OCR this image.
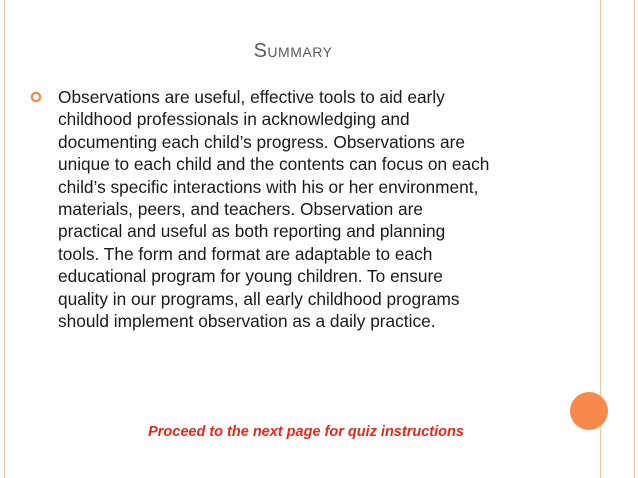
Summary
Observations are useful, effective tools to aid early
childhood professionals in acknowledging and
documenting each child’s progress. Observations are
unique to each child and the contents can focus on each
child’s specific interactions with his or her environment,
materials, peers, and teachers. Observation are
practical and useful as both reporting and planning
tools. The form and format are adaptable to each
educational program for young children. To ensure
quality in our programs, all early childhood programs
should implement observation as a daily practice.
Proceed to the next page for quiz instructions
